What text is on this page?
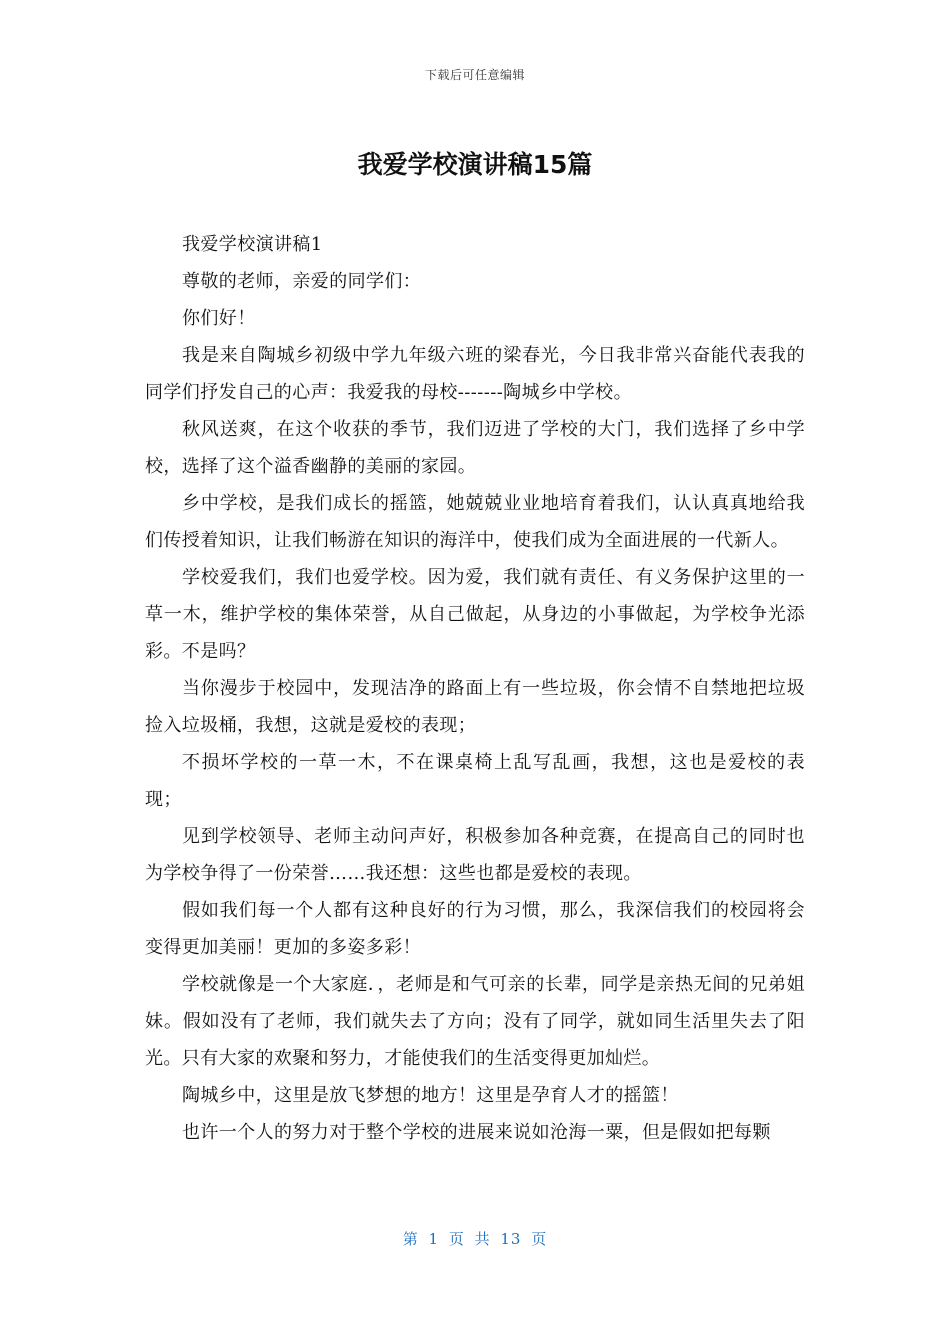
下载后可任意编辑
我爱学校演讲稿15篇

我爱学校演讲稿1

尊敬的老师，亲爱的同学们：

你们好！

我是来自陶城乡初级中学九年级六班的梁春光，今日我非常兴奋能代表我的同学们抒发自己的心声：我爱我的母校-------陶城乡中学校。

秋风送爽，在这个收获的季节，我们迈进了学校的大门，我们选择了乡中学校，选择了这个溢香幽静的美丽的家园。

乡中学校，是我们成长的摇篮，她兢兢业业地培育着我们，认认真真地给我们传授着知识，让我们畅游在知识的海洋中，使我们成为全面进展的一代新人。

学校爱我们，我们也爱学校。因为爱，我们就有责任、有义务保护这里的一草一木，维护学校的集体荣誉，从自己做起，从身边的小事做起，为学校争光添彩。不是吗？

当你漫步于校园中，发现洁净的路面上有一些垃圾，你会情不自禁地把垃圾捡入垃圾桶，我想，这就是爱校的表现；

不损坏学校的一草一木，不在课桌椅上乱写乱画，我想，这也是爱校的表现；

见到学校领导、老师主动问声好，积极参加各种竞赛，在提高自己的同时也为学校争得了一份荣誉……我还想：这些也都是爱校的表现。

假如我们每一个人都有这种良好的行为习惯，那么，我深信我们的校园将会变得更加美丽！更加的多姿多彩！

学校就像是一个大家庭．，老师是和气可亲的长辈，同学是亲热无间的兄弟姐妹。假如没有了老师，我们就失去了方向；没有了同学，就如同生活里失去了阳光。只有大家的欢聚和努力，才能使我们的生活变得更加灿烂。

陶城乡中，这里是放飞梦想的地方！这里是孕育人才的摇篮！

也许一个人的努力对于整个学校的进展来说如沧海一粟，但是假如把每颗

第 1 页 共 13 页
